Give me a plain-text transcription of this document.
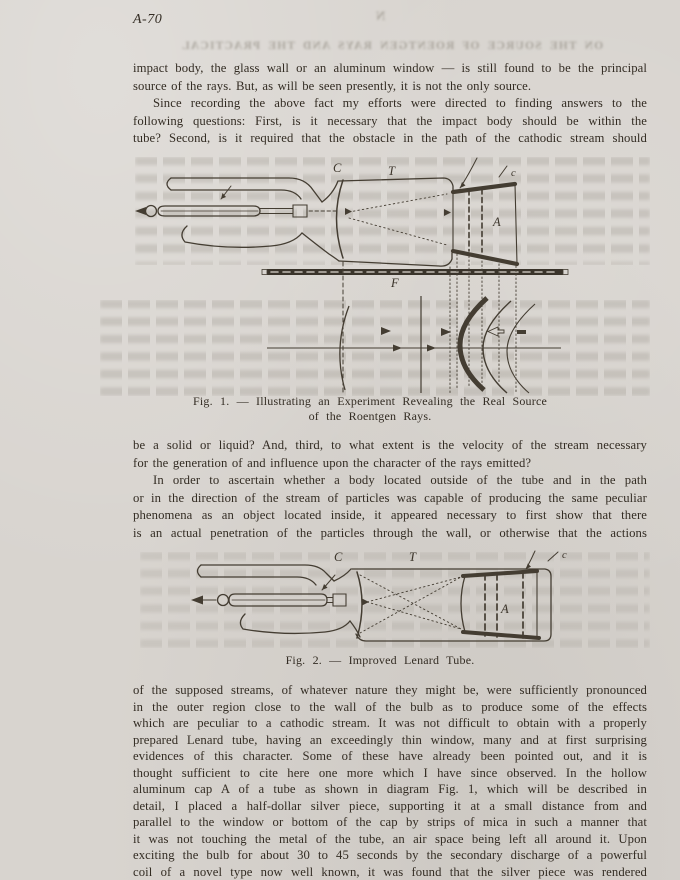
N
ON THE SOURCE OF ROENTGEN RAYS AND THE PRACTICAL
A-70
impact body, the glass wall or an aluminum window — is still found to be the principal
source of the rays. But, as will be seen presently, it is not the only source.
Since recording the above fact my efforts were directed to finding answers to the
following questions: First, is it necessary that the impact body should be within the
tube? Second, is it required that the obstacle in the path of the cathodic stream should
C	T
A
F
c
Fig. 1. — Illustrating an Experiment Revealing the Real Source
of the Roentgen Rays.
be a solid or liquid? And, third, to what extent is the velocity of the stream necessary
for the generation of and influence upon the character of the rays emitted?
In order to ascertain whether a body located outside of the tube and in the path
or in the direction of the stream of particles was capable of producing the same peculiar
phenomena as an object located inside, it appeared necessary to first show that there
is an actual penetration of the particles through the wall, or otherwise that the actions
C	T
A
c
Fig. 2. — Improved Lenard Tube.
of the supposed streams, of whatever nature they might be, were sufficiently pronounced
in the outer region close to the wall of the bulb as to produce some of the effects
which are peculiar to a cathodic stream. It was not difficult to obtain with a properly
prepared Lenard tube, having an exceedingly thin window, many and at first surprising
evidences of this character. Some of these have already been pointed out, and it is
thought sufficient to cite here one more which I have since observed. In the hollow
aluminum cap A of a tube as shown in diagram Fig. 1, which will be described in
detail, I placed a half-dollar silver piece, supporting it at a small distance from and
parallel to the window or bottom of the cap by strips of mica in such a manner that
it was not touching the metal of the tube, an air space being left all around it. Upon
exciting the bulb for about 30 to 45 seconds by the secondary discharge of a powerful
coil of a novel type now well known, it was found that the silver piece was rendered
